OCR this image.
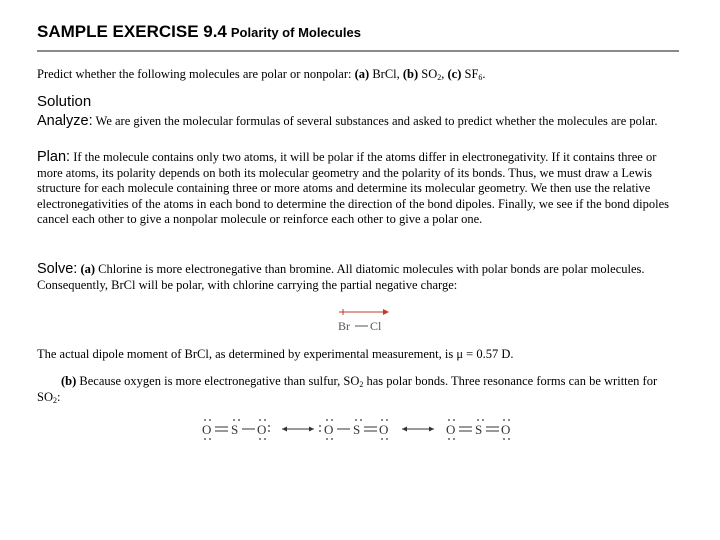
SAMPLE EXERCISE 9.4 Polarity of Molecules
Predict whether the following molecules are polar or nonpolar: (a) BrCl, (b) $SO_2$, (c) $SF_6$.
Solution
Analyze: We are given the molecular formulas of several substances and asked to predict whether the molecules are polar.
Plan: If the molecule contains only two atoms, it will be polar if the atoms differ in electronegativity. If it contains three or more atoms, its polarity depends on both its molecular geometry and the polarity of its bonds. Thus, we must draw a Lewis structure for each molecule containing three or more atoms and determine its molecular geometry. We then use the relative electronegativities of the atoms in each bond to determine the direction of the bond dipoles. Finally, we see if the bond dipoles cancel each other to give a nonpolar molecule or reinforce each other to give a polar one.
Solve: (a) Chlorine is more electronegative than bromine. All diatomic molecules with polar bonds are polar molecules. Consequently, BrCl will be polar, with chlorine carrying the partial negative charge:
Br Cl
The actual dipole moment of BrCl, as determined by experimental measurement, is μ = 0.57 D.
(b) Because oxygen is more electronegative than sulfur, $SO_2$ has polar bonds. Three resonance forms can be written for $SO_2$:
O S O	O S O	O S O
